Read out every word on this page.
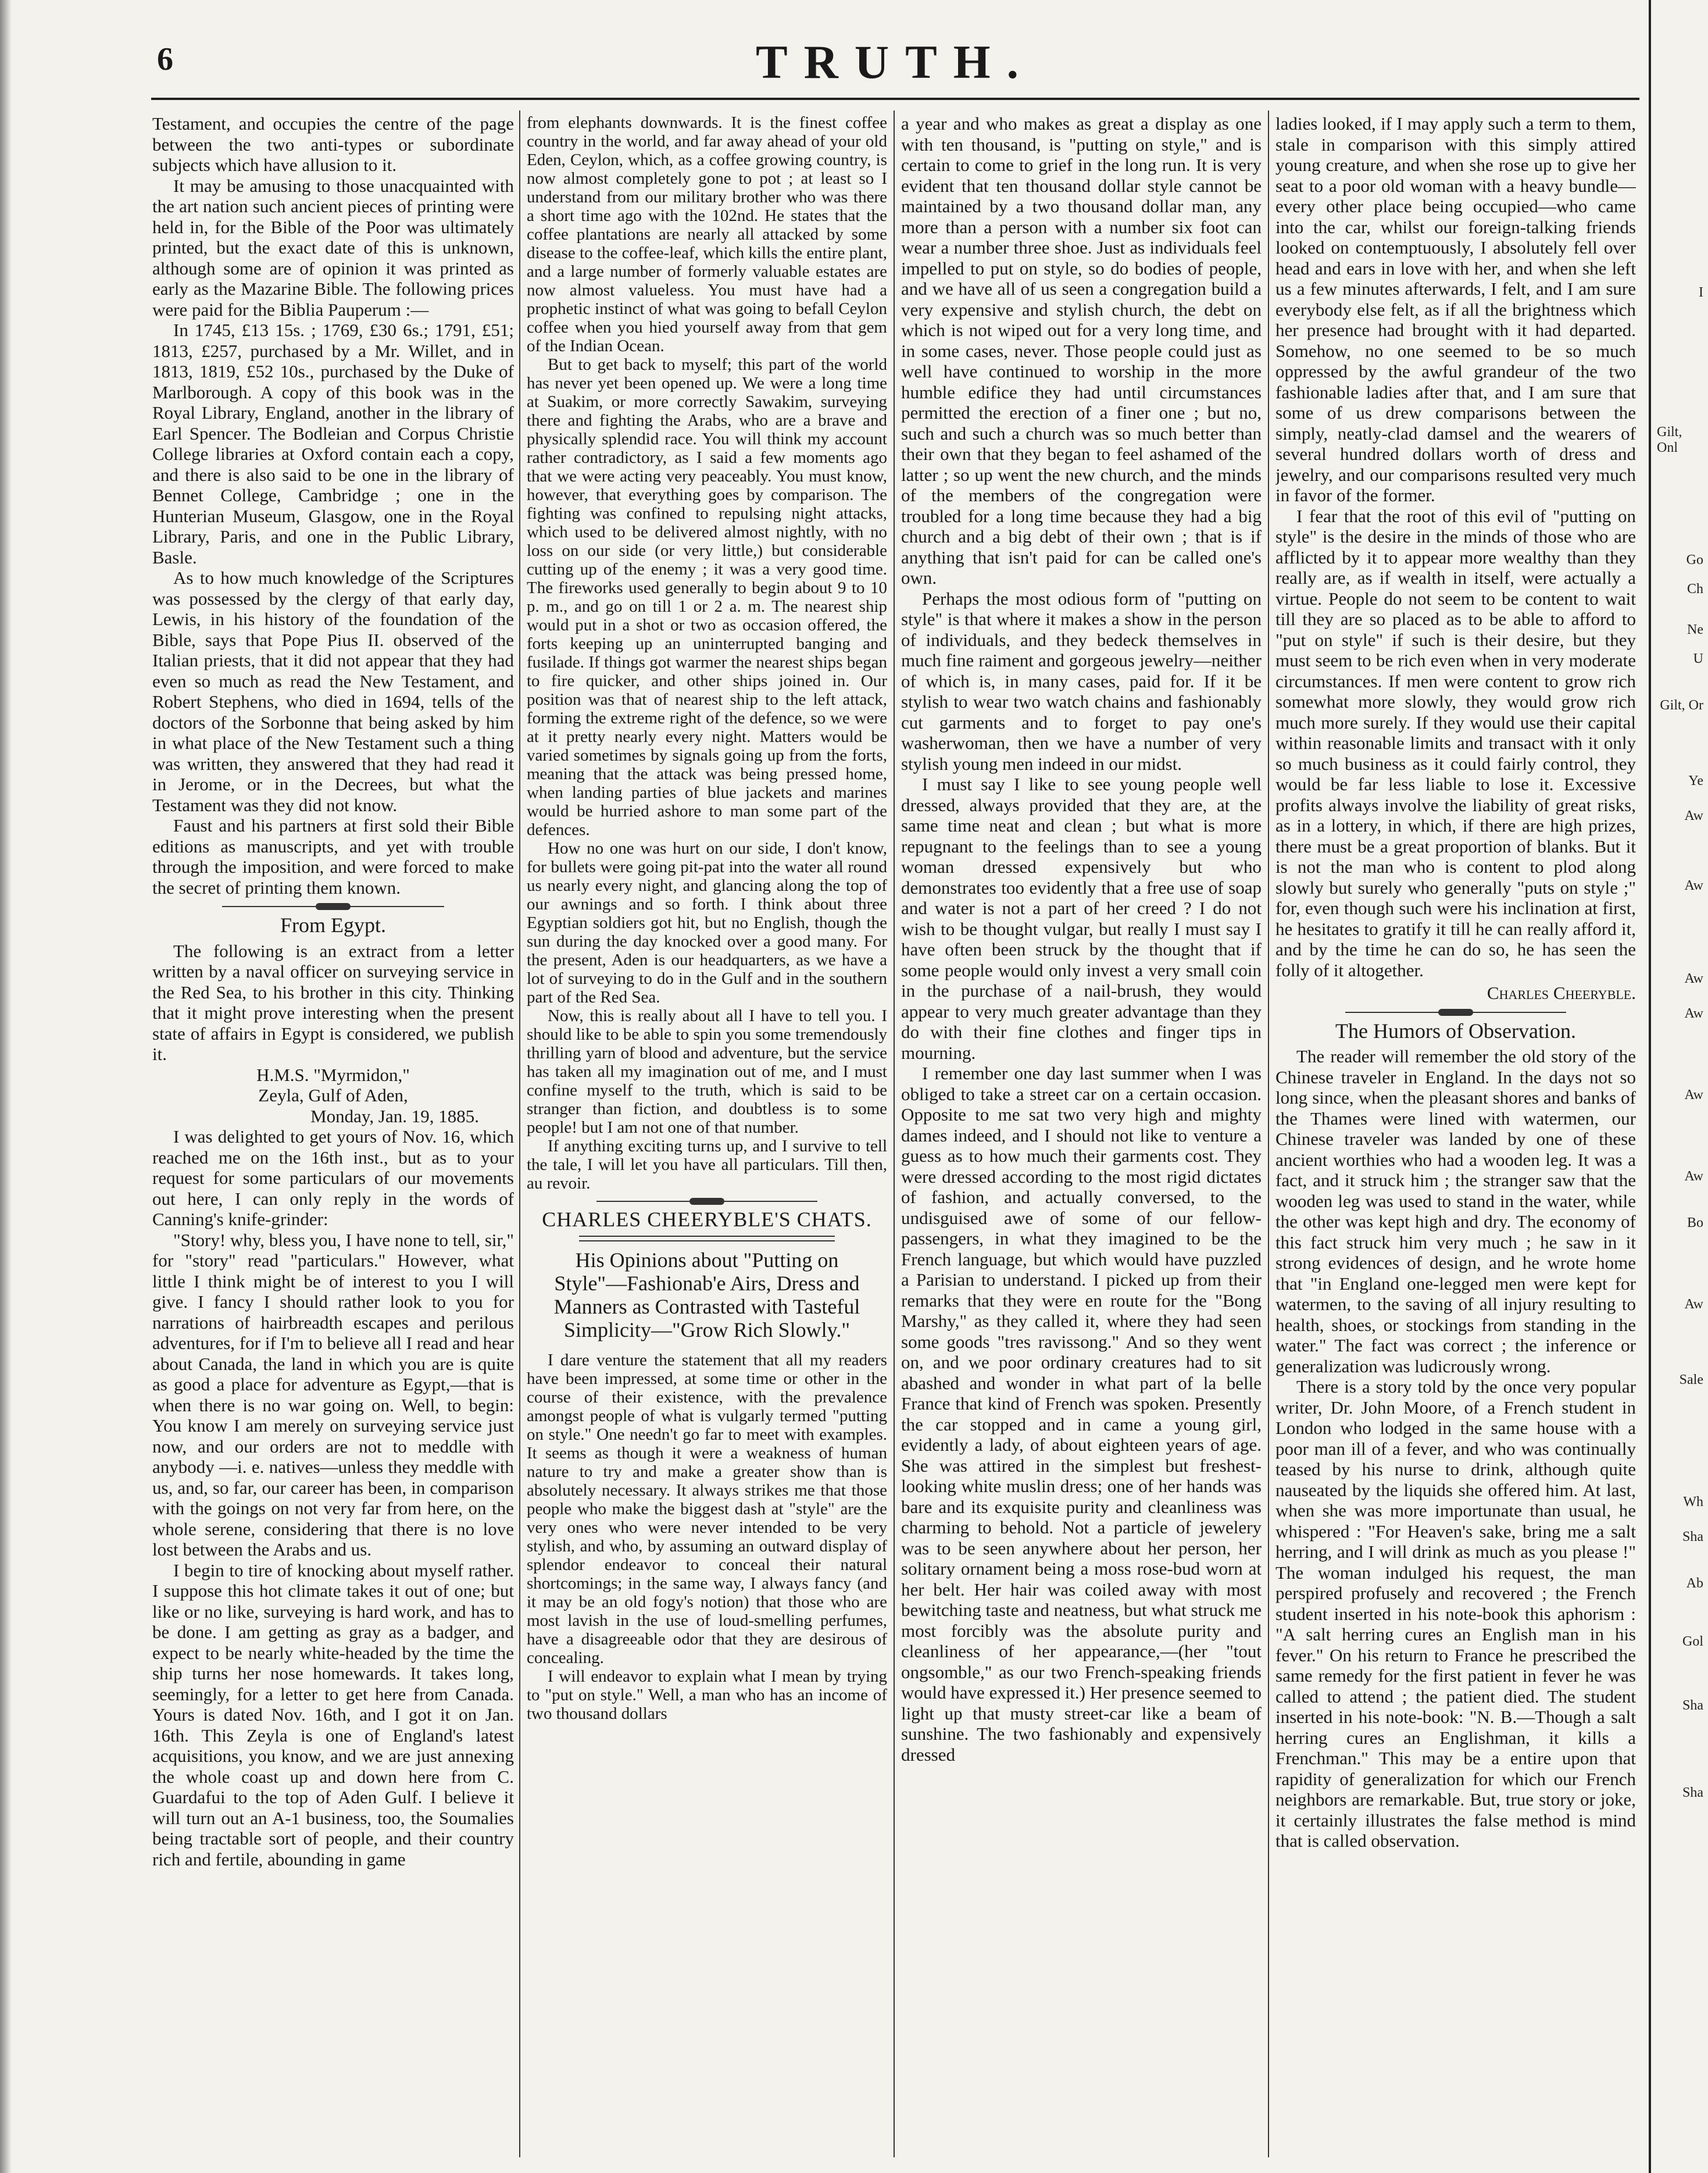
6	TRUTH.

Testament, and occupies the centre of the page between the two anti-types or subordinate subjects which have allusion to it.

It may be amusing to those unacquainted with the art nation such ancient pieces of printing were held in, for the Bible of the Poor was ultimately printed, but the exact date of this is unknown, although some are of opinion it was printed as early as the Mazarine Bible. The following prices were paid for the Biblia Pauperum :—

In 1745, £13 15s. ; 1769, £30 6s.; 1791, £51; 1813, £257, purchased by a Mr. Willet, and in 1813, 1819, £52 10s., purchased by the Duke of Marlborough. A copy of this book was in the Royal Library, England, another in the library of Earl Spencer. The Bodleian and Corpus Christie College libraries at Oxford contain each a copy, and there is also said to be one in the library of Bennet College, Cambridge ; one in the Hunterian Museum, Glasgow, one in the Royal Library, Paris, and one in the Public Library, Basle.

As to how much knowledge of the Scriptures was possessed by the clergy of that early day, Lewis, in his history of the foundation of the Bible, says that Pope Pius II. observed of the Italian priests, that it did not appear that they had even so much as read the New Testament, and Robert Stephens, who died in 1694, tells of the doctors of the Sorbonne that being asked by him in what place of the New Testament such a thing was written, they answered that they had read it in Jerome, or in the Decrees, but what the Testament was they did not know.

Faust and his partners at first sold their Bible editions as manuscripts, and yet with trouble through the imposition, and were forced to make the secret of printing them known.

From Egypt.

The following is an extract from a letter written by a naval officer on surveying service in the Red Sea, to his brother in this city. Thinking that it might prove interesting when the present state of affairs in Egypt is considered, we publish it.

H.M.S. "Myrmidon,"
Zeyla, Gulf of Aden,
Monday, Jan. 19, 1885.

I was delighted to get yours of Nov. 16, which reached me on the 16th inst., but as to your request for some particulars of our movements out here, I can only reply in the words of Canning's knife-grinder:

"Story! why, bless you, I have none to tell, sir," for "story" read "particulars." However, what little I think might be of interest to you I will give. I fancy I should rather look to you for narrations of hairbreadth escapes and perilous adventures, for if I'm to believe all I read and hear about Canada, the land in which you are is quite as good a place for adventure as Egypt,—that is when there is no war going on. Well, to begin: You know I am merely on surveying service just now, and our orders are not to meddle with anybody —i. e. natives—unless they meddle with us, and, so far, our career has been, in comparison with the goings on not very far from here, on the whole serene, considering that there is no love lost between the Arabs and us.

I begin to tire of knocking about myself rather. I suppose this hot climate takes it out of one; but like or no like, surveying is hard work, and has to be done. I am getting as gray as a badger, and expect to be nearly white-headed by the time the ship turns her nose homewards. It takes long, seemingly, for a letter to get here from Canada. Yours is dated Nov. 16th, and I got it on Jan. 16th. This Zeyla is one of England's latest acquisitions, you know, and we are just annexing the whole coast up and down here from C. Guardafui to the top of Aden Gulf. I believe it will turn out an A-1 business, too, the Soumalies being tractable sort of people, and their country rich and fertile, abounding in game

from elephants downwards. It is the finest coffee country in the world, and far away ahead of your old Eden, Ceylon, which, as a coffee growing country, is now almost completely gone to pot ; at least so I understand from our military brother who was there a short time ago with the 102nd. He states that the coffee plantations are nearly all attacked by some disease to the coffee-leaf, which kills the entire plant, and a large number of formerly valuable estates are now almost valueless. You must have had a prophetic instinct of what was going to befall Ceylon coffee when you hied yourself away from that gem of the Indian Ocean.

But to get back to myself; this part of the world has never yet been opened up. We were a long time at Suakim, or more correctly Sawakim, surveying there and fighting the Arabs, who are a brave and physically splendid race. You will think my account rather contradictory, as I said a few moments ago that we were acting very peaceably. You must know, however, that everything goes by comparison. The fighting was confined to repulsing night attacks, which used to be delivered almost nightly, with no loss on our side (or very little,) but considerable cutting up of the enemy ; it was a very good time. The fireworks used generally to begin about 9 to 10 p. m., and go on till 1 or 2 a. m. The nearest ship would put in a shot or two as occasion offered, the forts keeping up an uninterrupted banging and fusilade. If things got warmer the nearest ships began to fire quicker, and other ships joined in. Our position was that of nearest ship to the left attack, forming the extreme right of the defence, so we were at it pretty nearly every night. Matters would be varied sometimes by signals going up from the forts, meaning that the attack was being pressed home, when landing parties of blue jackets and marines would be hurried ashore to man some part of the defences.

How no one was hurt on our side, I don't know, for bullets were going pit-pat into the water all round us nearly every night, and glancing along the top of our awnings and so forth. I think about three Egyptian soldiers got hit, but no English, though the sun during the day knocked over a good many. For the present, Aden is our headquarters, as we have a lot of surveying to do in the Gulf and in the southern part of the Red Sea.

Now, this is really about all I have to tell you. I should like to be able to spin you some tremendously thrilling yarn of blood and adventure, but the service has taken all my imagination out of me, and I must confine myself to the truth, which is said to be stranger than fiction, and doubtless is to some people! but I am not one of that number.

If anything exciting turns up, and I survive to tell the tale, I will let you have all particulars. Till then, au revoir.

CHARLES CHEERYBLE'S CHATS.
His Opinions about "Putting on Style"—Fashionab'e Airs, Dress and Manners as Contrasted with Tasteful Simplicity—"Grow Rich Slowly."

I dare venture the statement that all my readers have been impressed, at some time or other in the course of their existence, with the prevalence amongst people of what is vulgarly termed "putting on style." One needn't go far to meet with examples. It seems as though it were a weakness of human nature to try and make a greater show than is absolutely necessary. It always strikes me that those people who make the biggest dash at "style" are the very ones who were never intended to be very stylish, and who, by assuming an outward display of splendor endeavor to conceal their natural shortcomings; in the same way, I always fancy (and it may be an old fogy's notion) that those who are most lavish in the use of loud-smelling perfumes, have a disagreeable odor that they are desirous of concealing.

I will endeavor to explain what I mean by trying to "put on style." Well, a man who has an income of two thousand dollars

a year and who makes as great a display as one with ten thousand, is "putting on style," and is certain to come to grief in the long run. It is very evident that ten thousand dollar style cannot be maintained by a two thousand dollar man, any more than a person with a number six foot can wear a number three shoe. Just as individuals feel impelled to put on style, so do bodies of people, and we have all of us seen a congregation build a very expensive and stylish church, the debt on which is not wiped out for a very long time, and in some cases, never. Those people could just as well have continued to worship in the more humble edifice they had until circumstances permitted the erection of a finer one ; but no, such and such a church was so much better than their own that they began to feel ashamed of the latter ; so up went the new church, and the minds of the members of the congregation were troubled for a long time because they had a big church and a big debt of their own ; that is if anything that isn't paid for can be called one's own.

Perhaps the most odious form of "putting on style" is that where it makes a show in the person of individuals, and they bedeck themselves in much fine raiment and gorgeous jewelry—neither of which is, in many cases, paid for. If it be stylish to wear two watch chains and fashionably cut garments and to forget to pay one's washerwoman, then we have a number of very stylish young men indeed in our midst.

I must say I like to see young people well dressed, always provided that they are, at the same time neat and clean ; but what is more repugnant to the feelings than to see a young woman dressed expensively but who demonstrates too evidently that a free use of soap and water is not a part of her creed ? I do not wish to be thought vulgar, but really I must say I have often been struck by the thought that if some people would only invest a very small coin in the purchase of a nail-brush, they would appear to very much greater advantage than they do with their fine clothes and finger tips in mourning.

I remember one day last summer when I was obliged to take a street car on a certain occasion. Opposite to me sat two very high and mighty dames indeed, and I should not like to venture a guess as to how much their garments cost. They were dressed according to the most rigid dictates of fashion, and actually conversed, to the undisguised awe of some of our fellow-passengers, in what they imagined to be the French language, but which would have puzzled a Parisian to understand. I picked up from their remarks that they were en route for the "Bong Marshy," as they called it, where they had seen some goods "tres ravissong." And so they went on, and we poor ordinary creatures had to sit abashed and wonder in what part of la belle France that kind of French was spoken. Presently the car stopped and in came a young girl, evidently a lady, of about eighteen years of age. She was attired in the simplest but freshest-looking white muslin dress; one of her hands was bare and its exquisite purity and cleanliness was charming to behold. Not a particle of jewelery was to be seen anywhere about her person, her solitary ornament being a moss rose-bud worn at her belt. Her hair was coiled away with most bewitching taste and neatness, but what struck me most forcibly was the absolute purity and cleanliness of her appearance,—(her "tout ongsomble," as our two French-speaking friends would have expressed it.) Her presence seemed to light up that musty street-car like a beam of sunshine. The two fashionably and expensively dressed

ladies looked, if I may apply such a term to them, stale in comparison with this simply attired young creature, and when she rose up to give her seat to a poor old woman with a heavy bundle—every other place being occupied—who came into the car, whilst our foreign-talking friends looked on contemptuously, I absolutely fell over head and ears in love with her, and when she left us a few minutes afterwards, I felt, and I am sure everybody else felt, as if all the brightness which her presence had brought with it had departed. Somehow, no one seemed to be so much oppressed by the awful grandeur of the two fashionable ladies after that, and I am sure that some of us drew comparisons between the simply, neatly-clad damsel and the wearers of several hundred dollars worth of dress and jewelry, and our comparisons resulted very much in favor of the former.

I fear that the root of this evil of "putting on style" is the desire in the minds of those who are afflicted by it to appear more wealthy than they really are, as if wealth in itself, were actually a virtue. People do not seem to be content to wait till they are so placed as to be able to afford to "put on style" if such is their desire, but they must seem to be rich even when in very moderate circumstances. If men were content to grow rich somewhat more slowly, they would grow rich much more surely. If they would use their capital within reasonable limits and transact with it only so much business as it could fairly control, they would be far less liable to lose it. Excessive profits always involve the liability of great risks, as in a lottery, in which, if there are high prizes, there must be a great proportion of blanks. But it is not the man who is content to plod along slowly but surely who generally "puts on style ;" for, even though such were his inclination at first, he hesitates to gratify it till he can really afford it, and by the time he can do so, he has seen the folly of it altogether.

Charles Cheeryble.
The Humors of Observation.

The reader will remember the old story of the Chinese traveler in England. In the days not so long since, when the pleasant shores and banks of the Thames were lined with watermen, our Chinese traveler was landed by one of these ancient worthies who had a wooden leg. It was a fact, and it struck him ; the stranger saw that the wooden leg was used to stand in the water, while the other was kept high and dry. The economy of this fact struck him very much ; he saw in it strong evidences of design, and he wrote home that "in England one-legged men were kept for watermen, to the saving of all injury resulting to health, shoes, or stockings from standing in the water." The fact was correct ; the inference or generalization was ludicrously wrong.

There is a story told by the once very popular writer, Dr. John Moore, of a French student in London who lodged in the same house with a poor man ill of a fever, and who was continually teased by his nurse to drink, although quite nauseated by the liquids she offered him. At last, when she was more importunate than usual, he whispered : "For Heaven's sake, bring me a salt herring, and I will drink as much as you please !" The woman indulged his request, the man perspired profusely and recovered ; the French student inserted in his note-book this aphorism : "A salt herring cures an English man in his fever." On his return to France he prescribed the same remedy for the first patient in fever he was called to attend ; the patient died. The student inserted in his note-book: "N. B.—Though a salt herring cures an Englishman, it kills a Frenchman." This may be a entire upon that rapidity of generalization for which our French neighbors are remarkable. But, true story or joke, it certainly illustrates the false method is mind that is called observation.

I
Gilt, Onl
Go
Ch
Ne
U
Gilt, Or
Ye
Aw
Aw
Aw
Aw
Aw
Aw
Bo
Aw
Sale
Wh
Sha
Ab
Gol
Sha
Sha
